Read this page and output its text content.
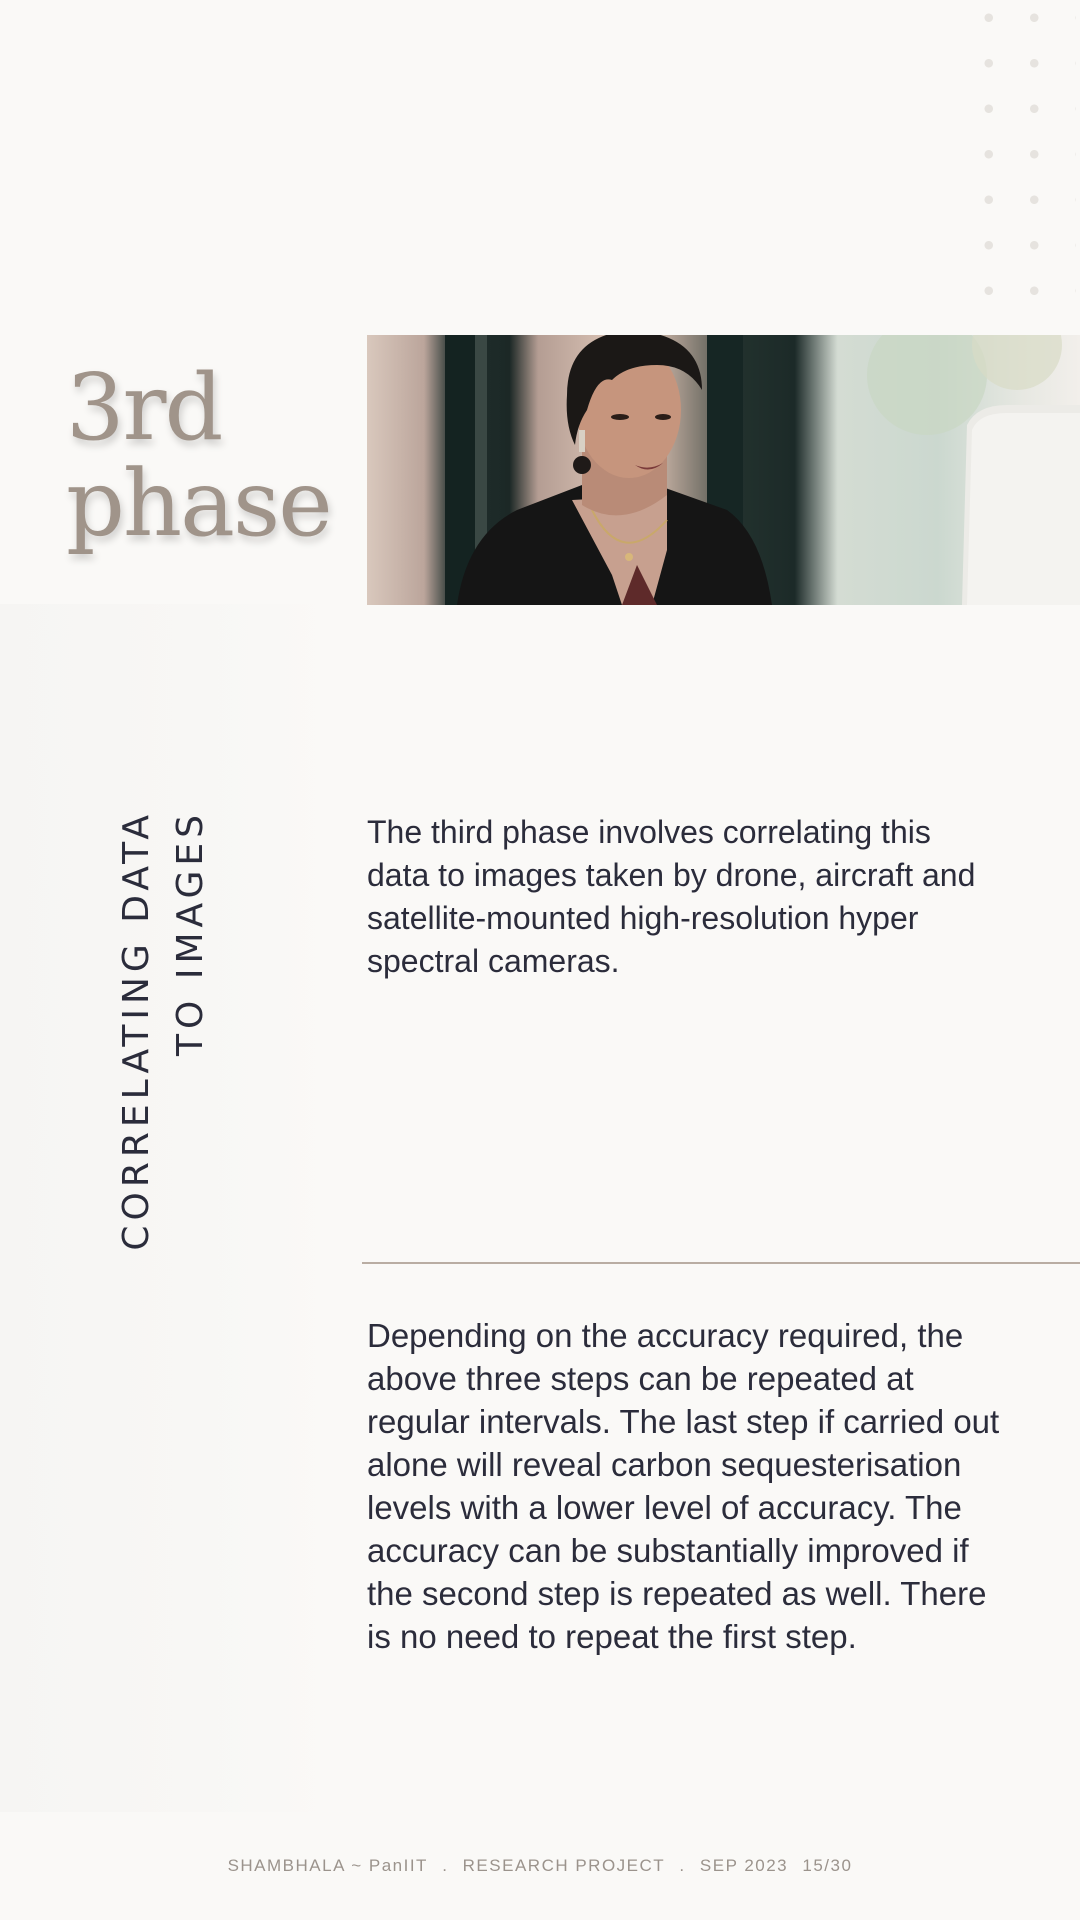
3rd
phase
CORRELATING DATA TO IMAGES	The third phase involves correlating this data to images taken by drone, aircraft and satellite-mounted high-resolution hyper spectral cameras.

Depending on the accuracy required, the above three steps can be repeated at regular intervals. The last step if carried out alone will reveal carbon sequesterisation levels with a lower level of accuracy. The accuracy can be substantially improved if the second step is repeated as well. There is no need to repeat the first step.

SHAMBHALA ~ PanIIT . RESEARCH PROJECT . SEP 2023 15/30
